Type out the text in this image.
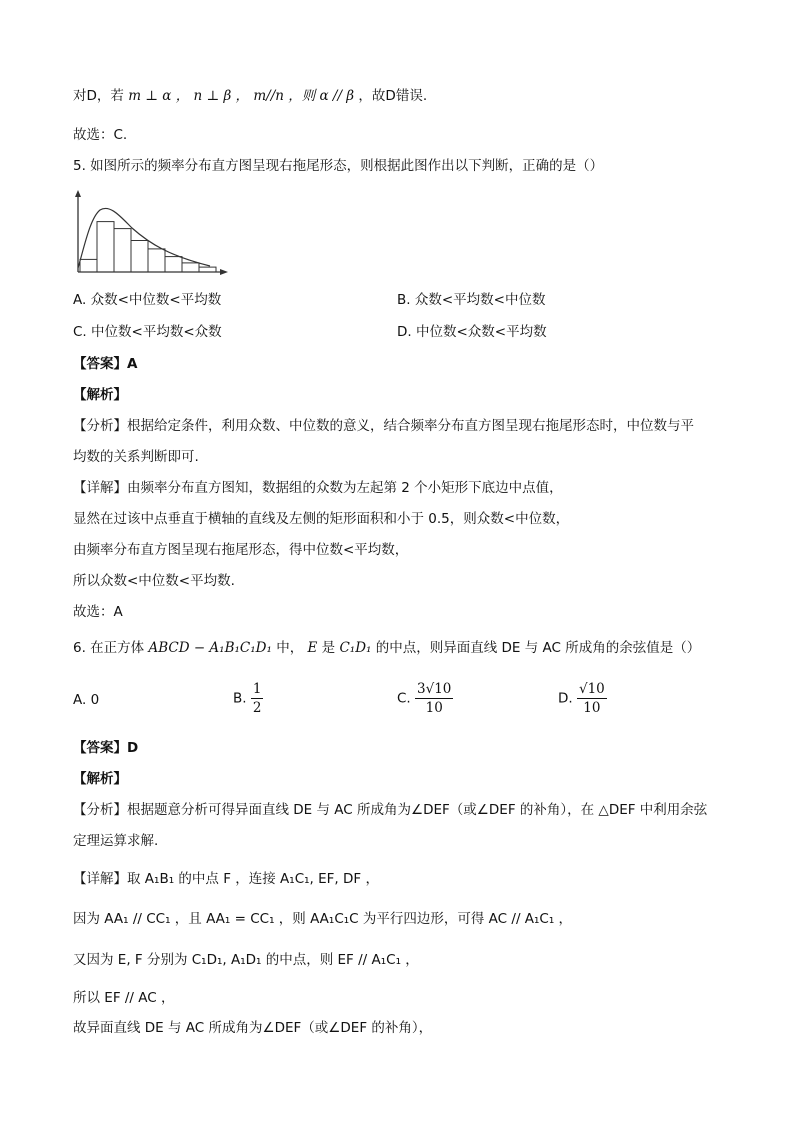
对D，若 m ⊥ α ， n ⊥ β ， m//n ，则 α // β ，故D错误.
故选：C.
5. 如图所示的频率分布直方图呈现右拖尾形态，则根据此图作出以下判断，正确的是（）
A. 众数<中位数<平均数	B. 众数<平均数<中位数
C. 中位数<平均数<众数	D. 中位数<众数<平均数
【答案】A
【解析】
【分析】根据给定条件，利用众数、中位数的意义，结合频率分布直方图呈现右拖尾形态时，中位数与平
均数的关系判断即可.
【详解】由频率分布直方图知，数据组的众数为左起第 2 个小矩形下底边中点值，
显然在过该中点垂直于横轴的直线及左侧的矩形面积和小于 0.5，则众数<中位数，
由频率分布直方图呈现右拖尾形态，得中位数<平均数，
所以众数<中位数<平均数.
故选：A
6. 在正方体 ABCD − A₁B₁C₁D₁ 中， E 是 C₁D₁ 的中点，则异面直线 DE 与 AC 所成角的余弦值是（）
A. 0	B. $\frac{1}{2}$	C. $\frac{3√10}{10}$	D. $\frac{√10}{10}$
【答案】D
【解析】
【分析】根据题意分析可得异面直线 DE 与 AC 所成角为∠DEF（或∠DEF 的补角），在 △DEF 中利用余弦
定理运算求解.
【详解】取 A₁B₁ 的中点 F ，连接 A₁C₁, EF, DF ，
因为 AA₁ // CC₁ ，且 AA₁ = CC₁ ，则 AA₁C₁C 为平行四边形，可得 AC // A₁C₁ ，
又因为 E, F 分别为 C₁D₁, A₁D₁ 的中点，则 EF // A₁C₁ ，
所以 EF // AC ，
故异面直线 DE 与 AC 所成角为∠DEF（或∠DEF 的补角），
